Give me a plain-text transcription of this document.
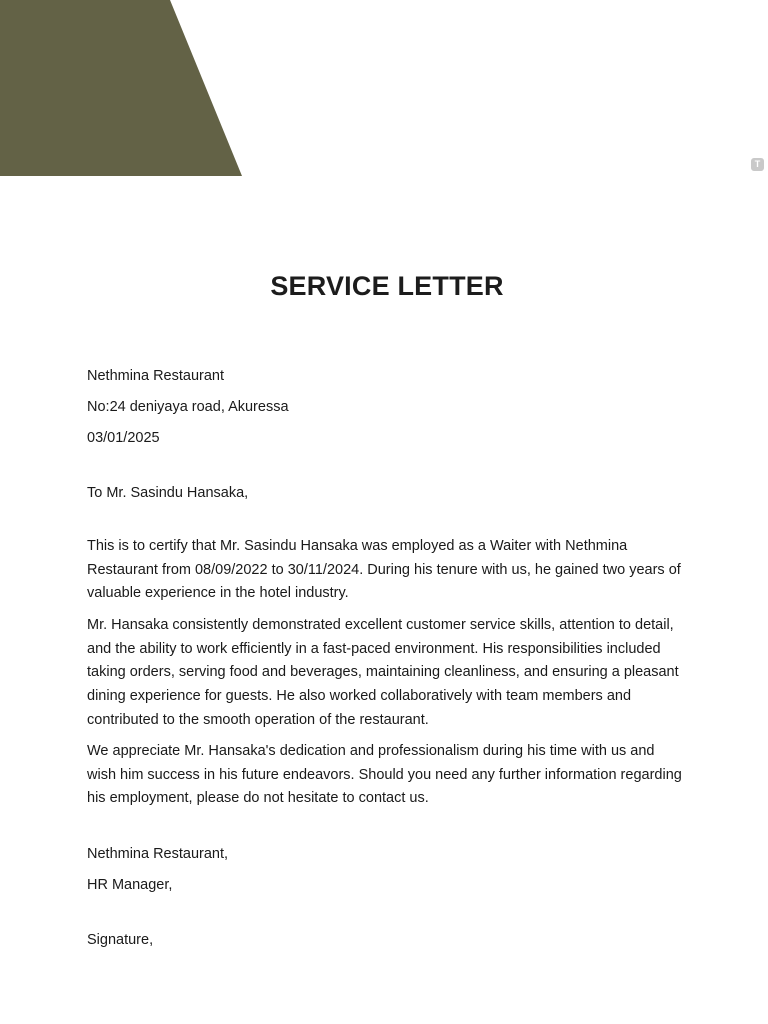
T
SERVICE LETTER

Nethmina Restaurant

No:24 deniyaya road, Akuressa

03/01/2025

To Mr. Sasindu Hansaka,

This is to certify that Mr. Sasindu Hansaka was employed as a Waiter with Nethmina Restaurant from 08/09/2022 to 30/11/2024. During his tenure with us, he gained two years of valuable experience in the hotel industry.

Mr. Hansaka consistently demonstrated excellent customer service skills, attention to detail, and the ability to work efficiently in a fast-paced environment. His responsibilities included taking orders, serving food and beverages, maintaining cleanliness, and ensuring a pleasant dining experience for guests. He also worked collaboratively with team members and contributed to the smooth operation of the restaurant.

We appreciate Mr. Hansaka's dedication and professionalism during his time with us and wish him success in his future endeavors. Should you need any further information regarding his employment, please do not hesitate to contact us.

Nethmina Restaurant,

HR Manager,

Signature,
